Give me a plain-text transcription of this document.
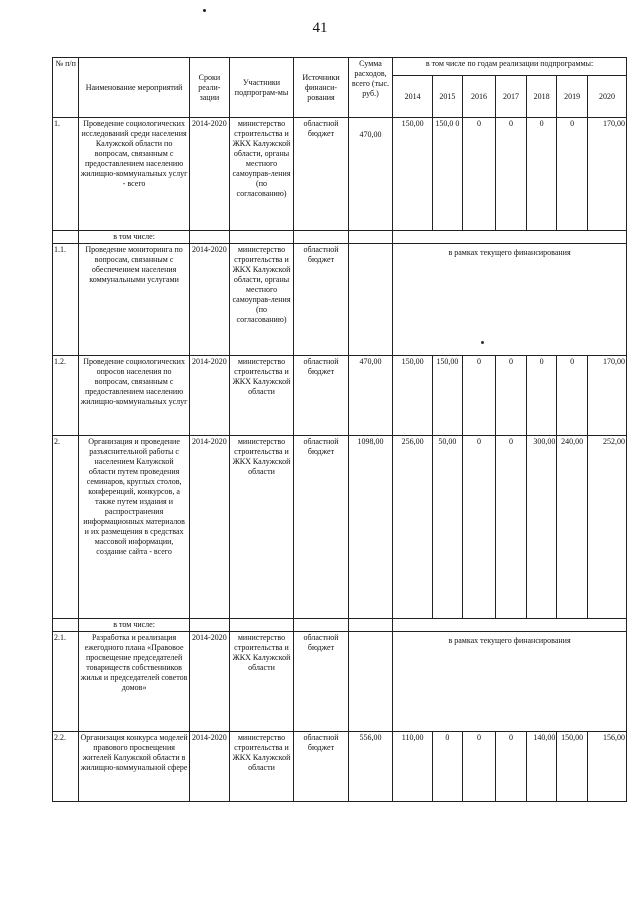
41
№ п/п	Наименование мероприятий	Сроки реали-зации	Участники подпрограм-мы	Источники финанси-рования	Сумма расходов, всего (тыс. руб.)	в том числе по годам реализации подпрограммы:						
						2014	2015	2016	2017	2018	2019	2020
1.	Проведение социологических исследований среди населения Калужской области по вопросам, связанным с предоставлением населению жилищно-коммунальных услуг - всего	2014-2020	министерство строительства и ЖКХ Калужской области, органы местного самоуправ-ления (по согласованию)	областной бюджет	470,00	150,00	150,0 0	0	0	0	0	170,00
	в том числе:											
1.1.	Проведение мониторинга по вопросам, связанным с обеспечением населения коммунальными услугами	2014-2020	министерство строительства и ЖКХ Калужской области, органы местного самоуправ-ления (по согласованию)	областной бюджет		в рамках текущего финансирования						
1.2.	Проведение социологических опросов населения по вопросам, связанным с предоставлением населению жилищно-коммунальных услуг	2014-2020	министерство строительства и ЖКХ Калужской области	областной бюджет	470,00	150,00	150,00	0	0	0	0	170,00
2.	Организация и проведение разъяснительной работы с населением Калужской области путем проведения семинаров, круглых столов, конференций, конкурсов, а также путем издания и распространения информационных материалов и их размещения в средствах массовой информации, создание сайта - всего	2014-2020	министерство строительства и ЖКХ Калужской области	областной бюджет	1098,00	256,00	50,00	0	0	300,00	240,00	252,00
	в том числе:											
2.1.	Разработка и реализация ежегодного плана «Правовое просвещение председателей товариществ собственников жилья и председателей советов домов»	2014-2020	министерство строительства и ЖКХ Калужской области	областной бюджет		в рамках текущего финансирования						
2.2.	Организация конкурса моделей правового просвещения жителей Калужской области в жилищно-коммунальной сфере	2014-2020	министерство строительства и ЖКХ Калужской области	областной бюджет	556,00	110,00	0	0	0	140,00	150,00	156,00
